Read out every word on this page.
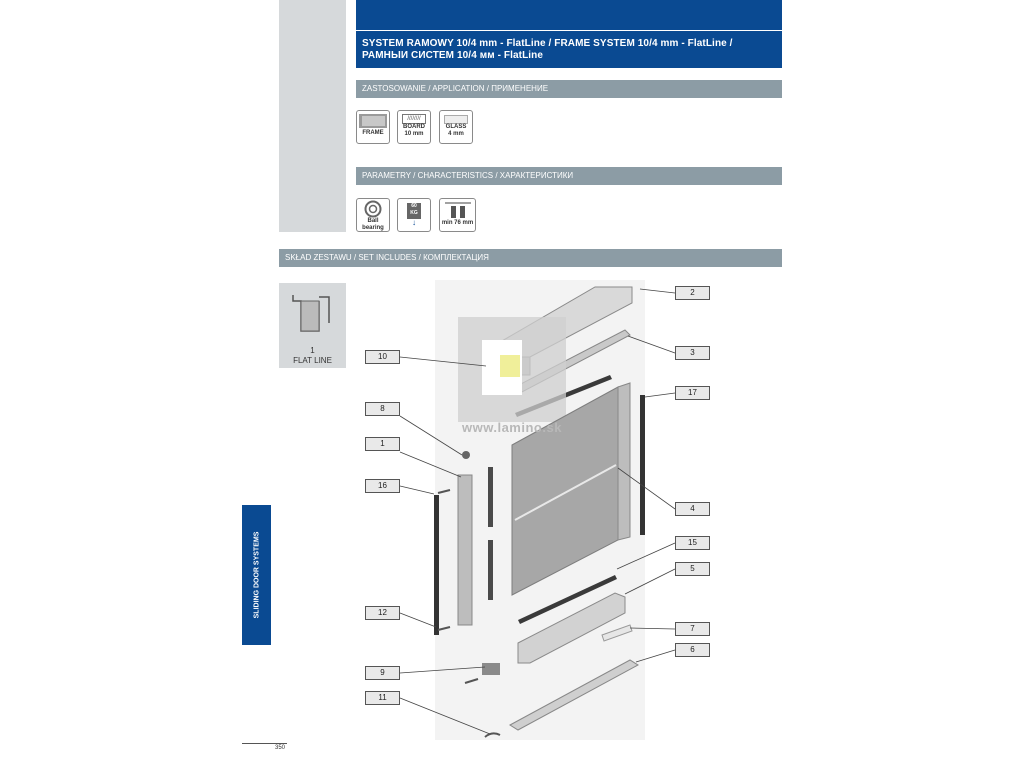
SYSTEM RAMOWY 10/4 mm - FlatLine / FRAME SYSTEM 10/4 mm - FlatLine /
РАМНЫИ СИСТЕМ 10/4 мм - FlatLine
ZASTOSOWANIE / APPLICATION / ПРИМЕНЕНИЕ
PARAMETRY / CHARACTERISTICS / ХАРАКТЕРИСТИКИ
SKŁAD ZESTAWU / SET INCLUDES / КОМПЛЕКТАЦИЯ
FRAME
////////
BOARD
10 mm
GLASS
4 mm
Ball
bearing
60
KG
↓	min 76 mm
1
FLAT LINE
SLIDING DOOR SYSTEMS
www.lamino.sk
2
3
10
17
8
1
16
4
15
5
12
7
6
9
11
350
